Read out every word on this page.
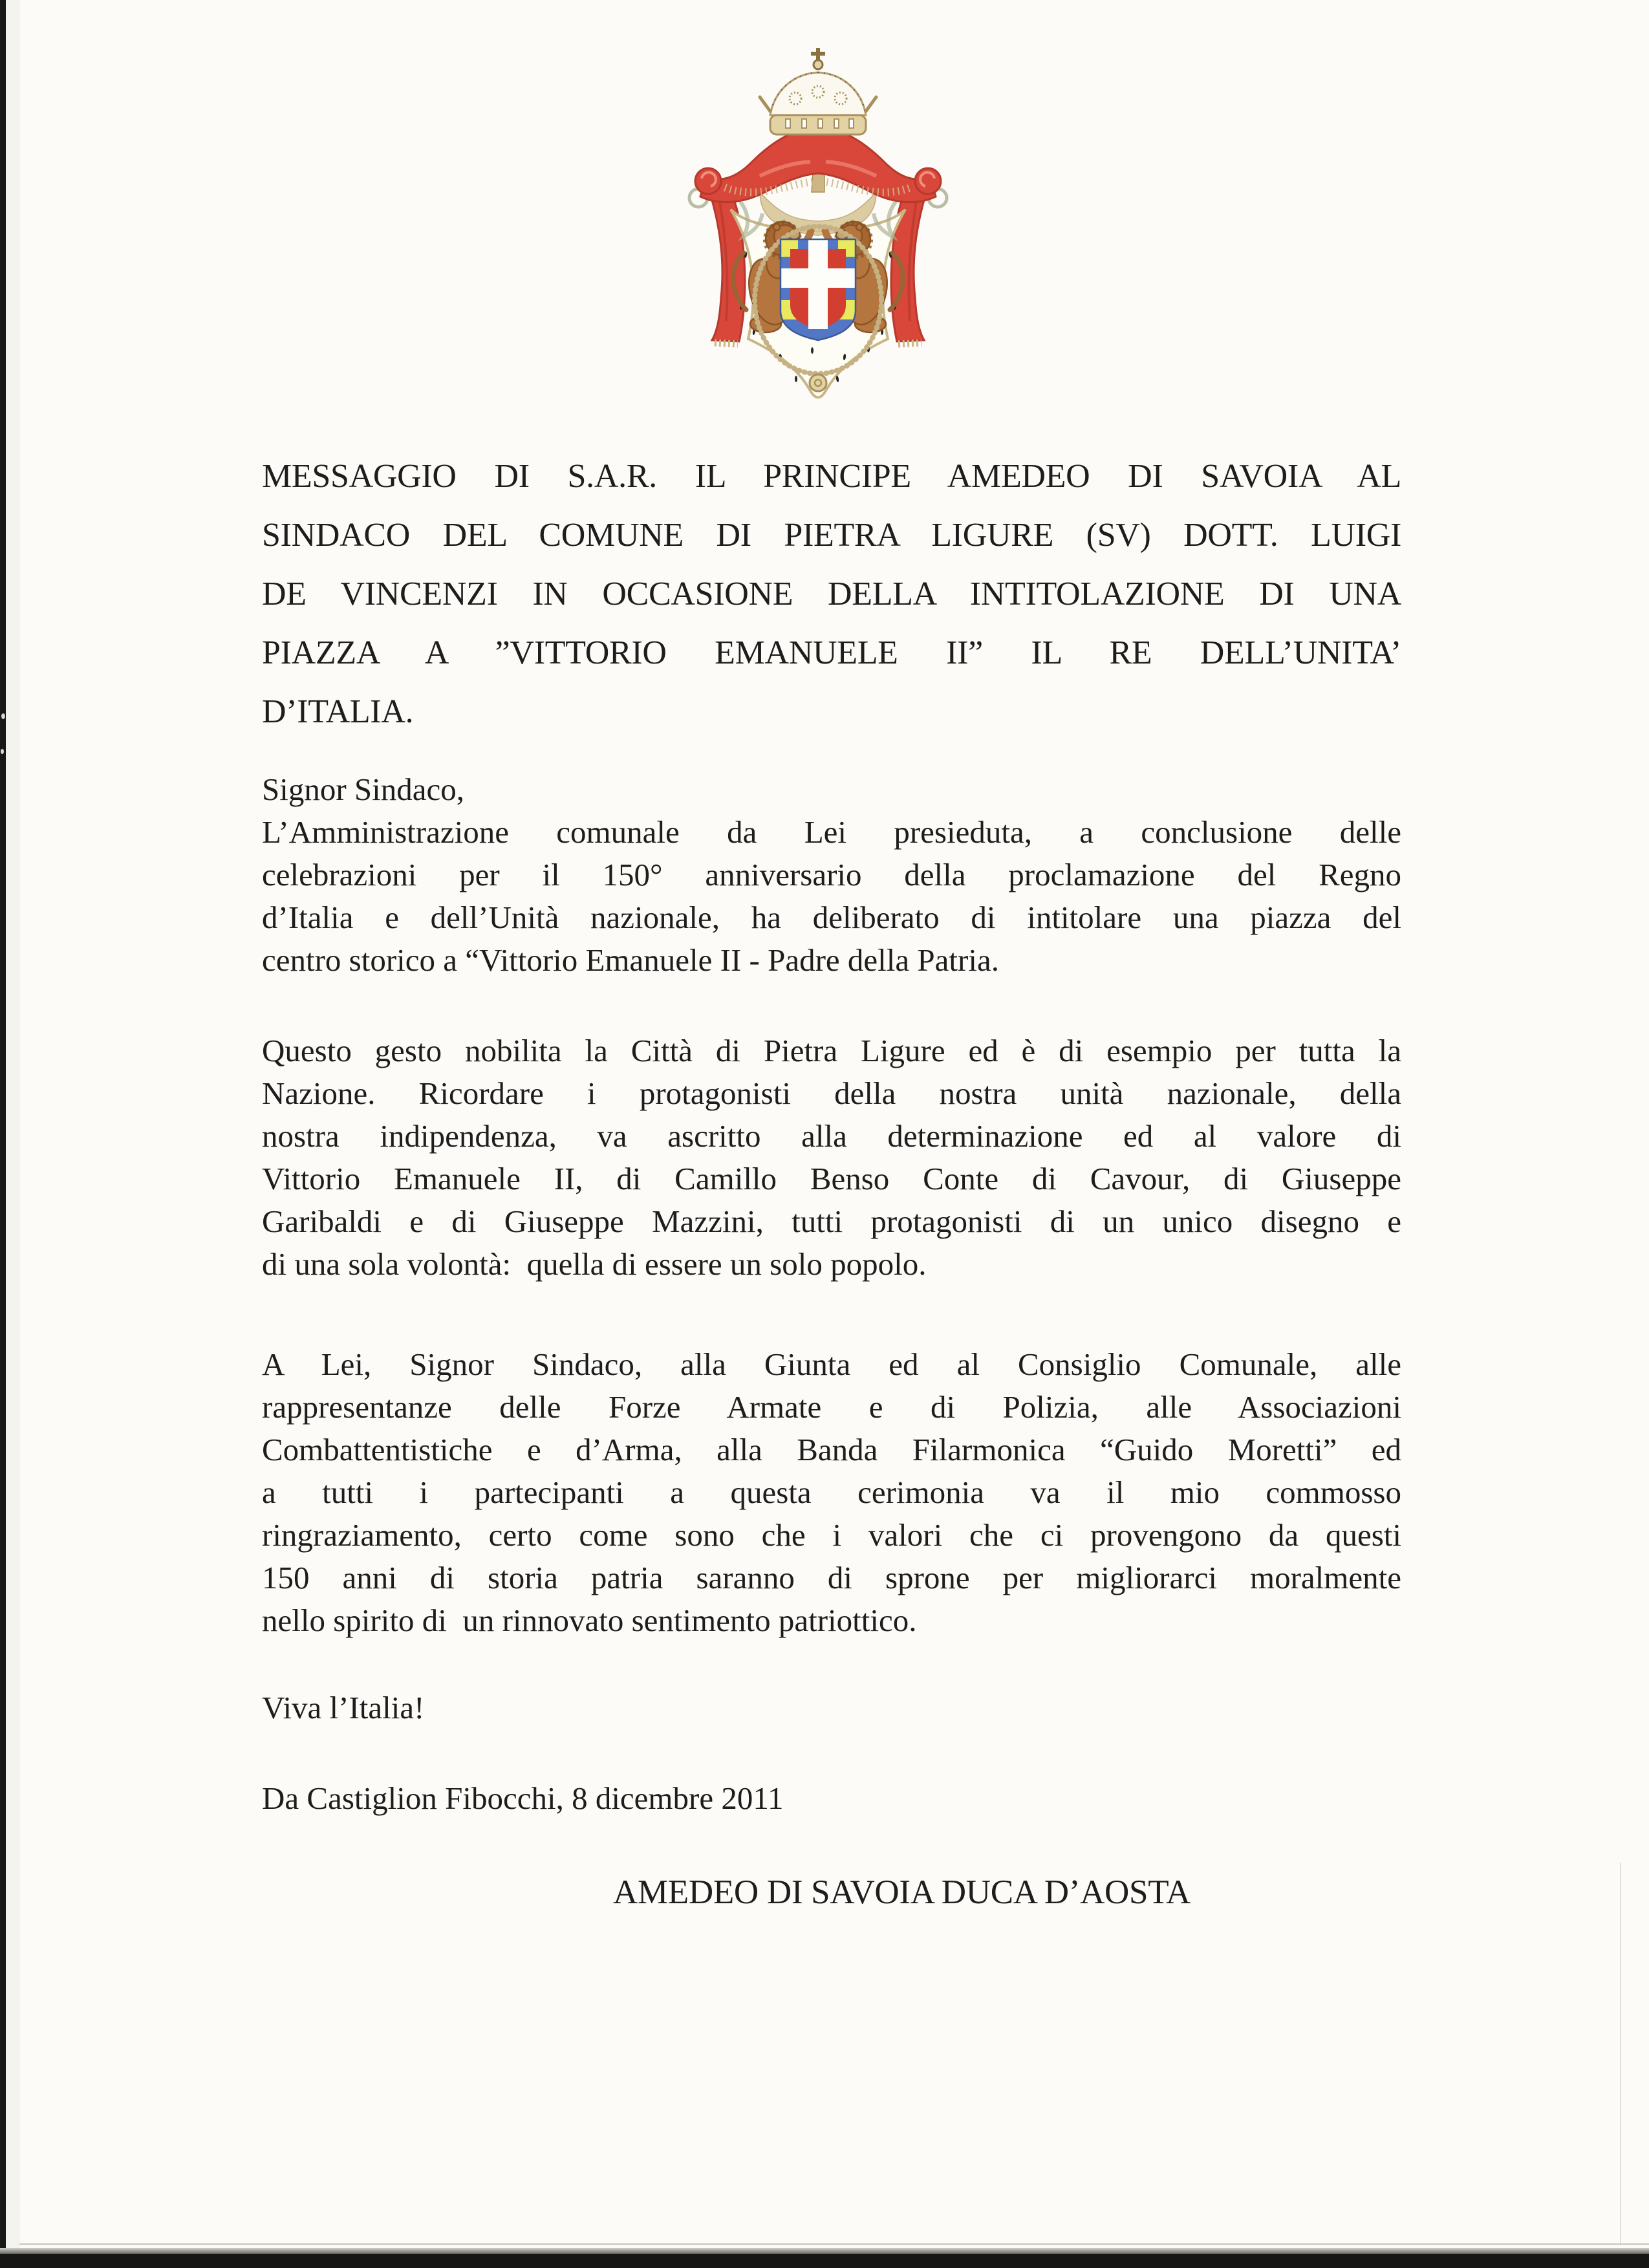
MESSAGGIO DI S.A.R. IL PRINCIPE AMEDEO DI SAVOIA AL
SINDACO DEL COMUNE DI PIETRA LIGURE (SV) DOTT. LUIGI
DE VINCENZI IN OCCASIONE DELLA INTITOLAZIONE DI UNA
PIAZZA A ”VITTORIO EMANUELE II” IL RE DELL’UNITA’
D’ITALIA.
Signor Sindaco,
L’Amministrazione comunale da Lei presieduta, a conclusione delle
celebrazioni per il 150° anniversario della proclamazione del Regno
d’Italia e dell’Unità nazionale, ha deliberato di intitolare una piazza del
centro storico a “Vittorio Emanuele II - Padre della Patria.
Questo gesto nobilita la Città di Pietra Ligure ed è di esempio per tutta la
Nazione. Ricordare i protagonisti della nostra unità nazionale, della
nostra indipendenza, va ascritto alla determinazione ed al valore di
Vittorio Emanuele II, di Camillo Benso Conte di Cavour, di Giuseppe
Garibaldi e di Giuseppe Mazzini, tutti protagonisti di un unico disegno e
di una sola volontà:  quella di essere un solo popolo.
A Lei, Signor Sindaco, alla Giunta ed al Consiglio Comunale, alle
rappresentanze delle Forze Armate e di Polizia, alle Associazioni
Combattentistiche e d’Arma, alla Banda Filarmonica “Guido Moretti” ed
a tutti i partecipanti a questa cerimonia va il mio commosso
ringraziamento, certo come sono che i valori che ci provengono da questi
150 anni di storia patria saranno di sprone per migliorarci moralmente
nello spirito di  un rinnovato sentimento patriottico.
Viva l’Italia!
Da Castiglion Fibocchi, 8 dicembre 2011
AMEDEO DI SAVOIA DUCA D’AOSTA
